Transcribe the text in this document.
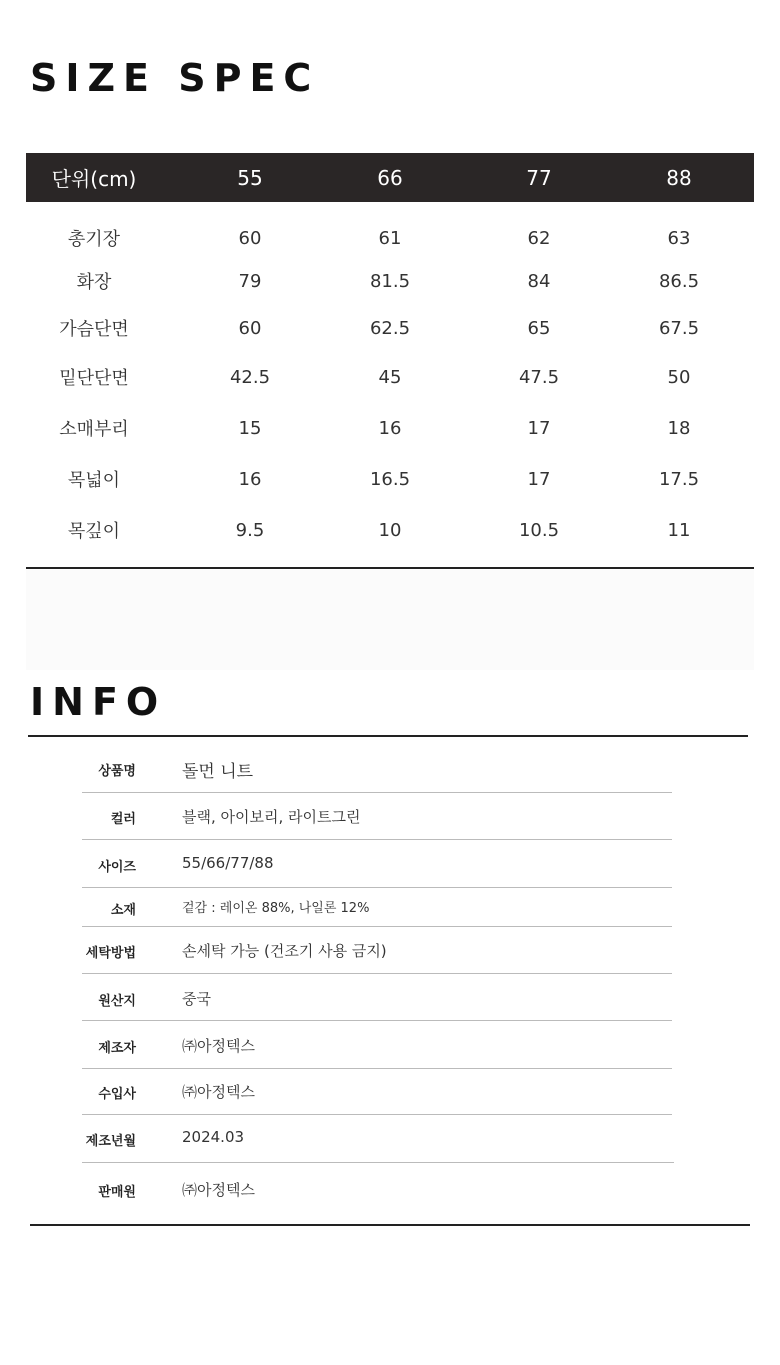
SIZE SPEC
단위(cm)	55	66	77	88
총기장	60	61	62	63
화장	79	81.5	84	86.5
가슴단면	60	62.5	65	67.5
밑단단면	42.5	45	47.5	50
소매부리	15	16	17	18
목넓이	16	16.5	17	17.5
목깊이	9.5	10	10.5	11
INFO
상품명	돌먼 니트
컬러	블랙, 아이보리, 라이트그린
사이즈	55/66/77/88
소재	겉감 : 레이온 88%, 나일론 12%
세탁방법	손세탁 가능 (건조기 사용 금지)
원산지	중국
제조자	㈜아정텍스
수입사	㈜아정텍스
제조년월	2024.03
판매원	㈜아정텍스
